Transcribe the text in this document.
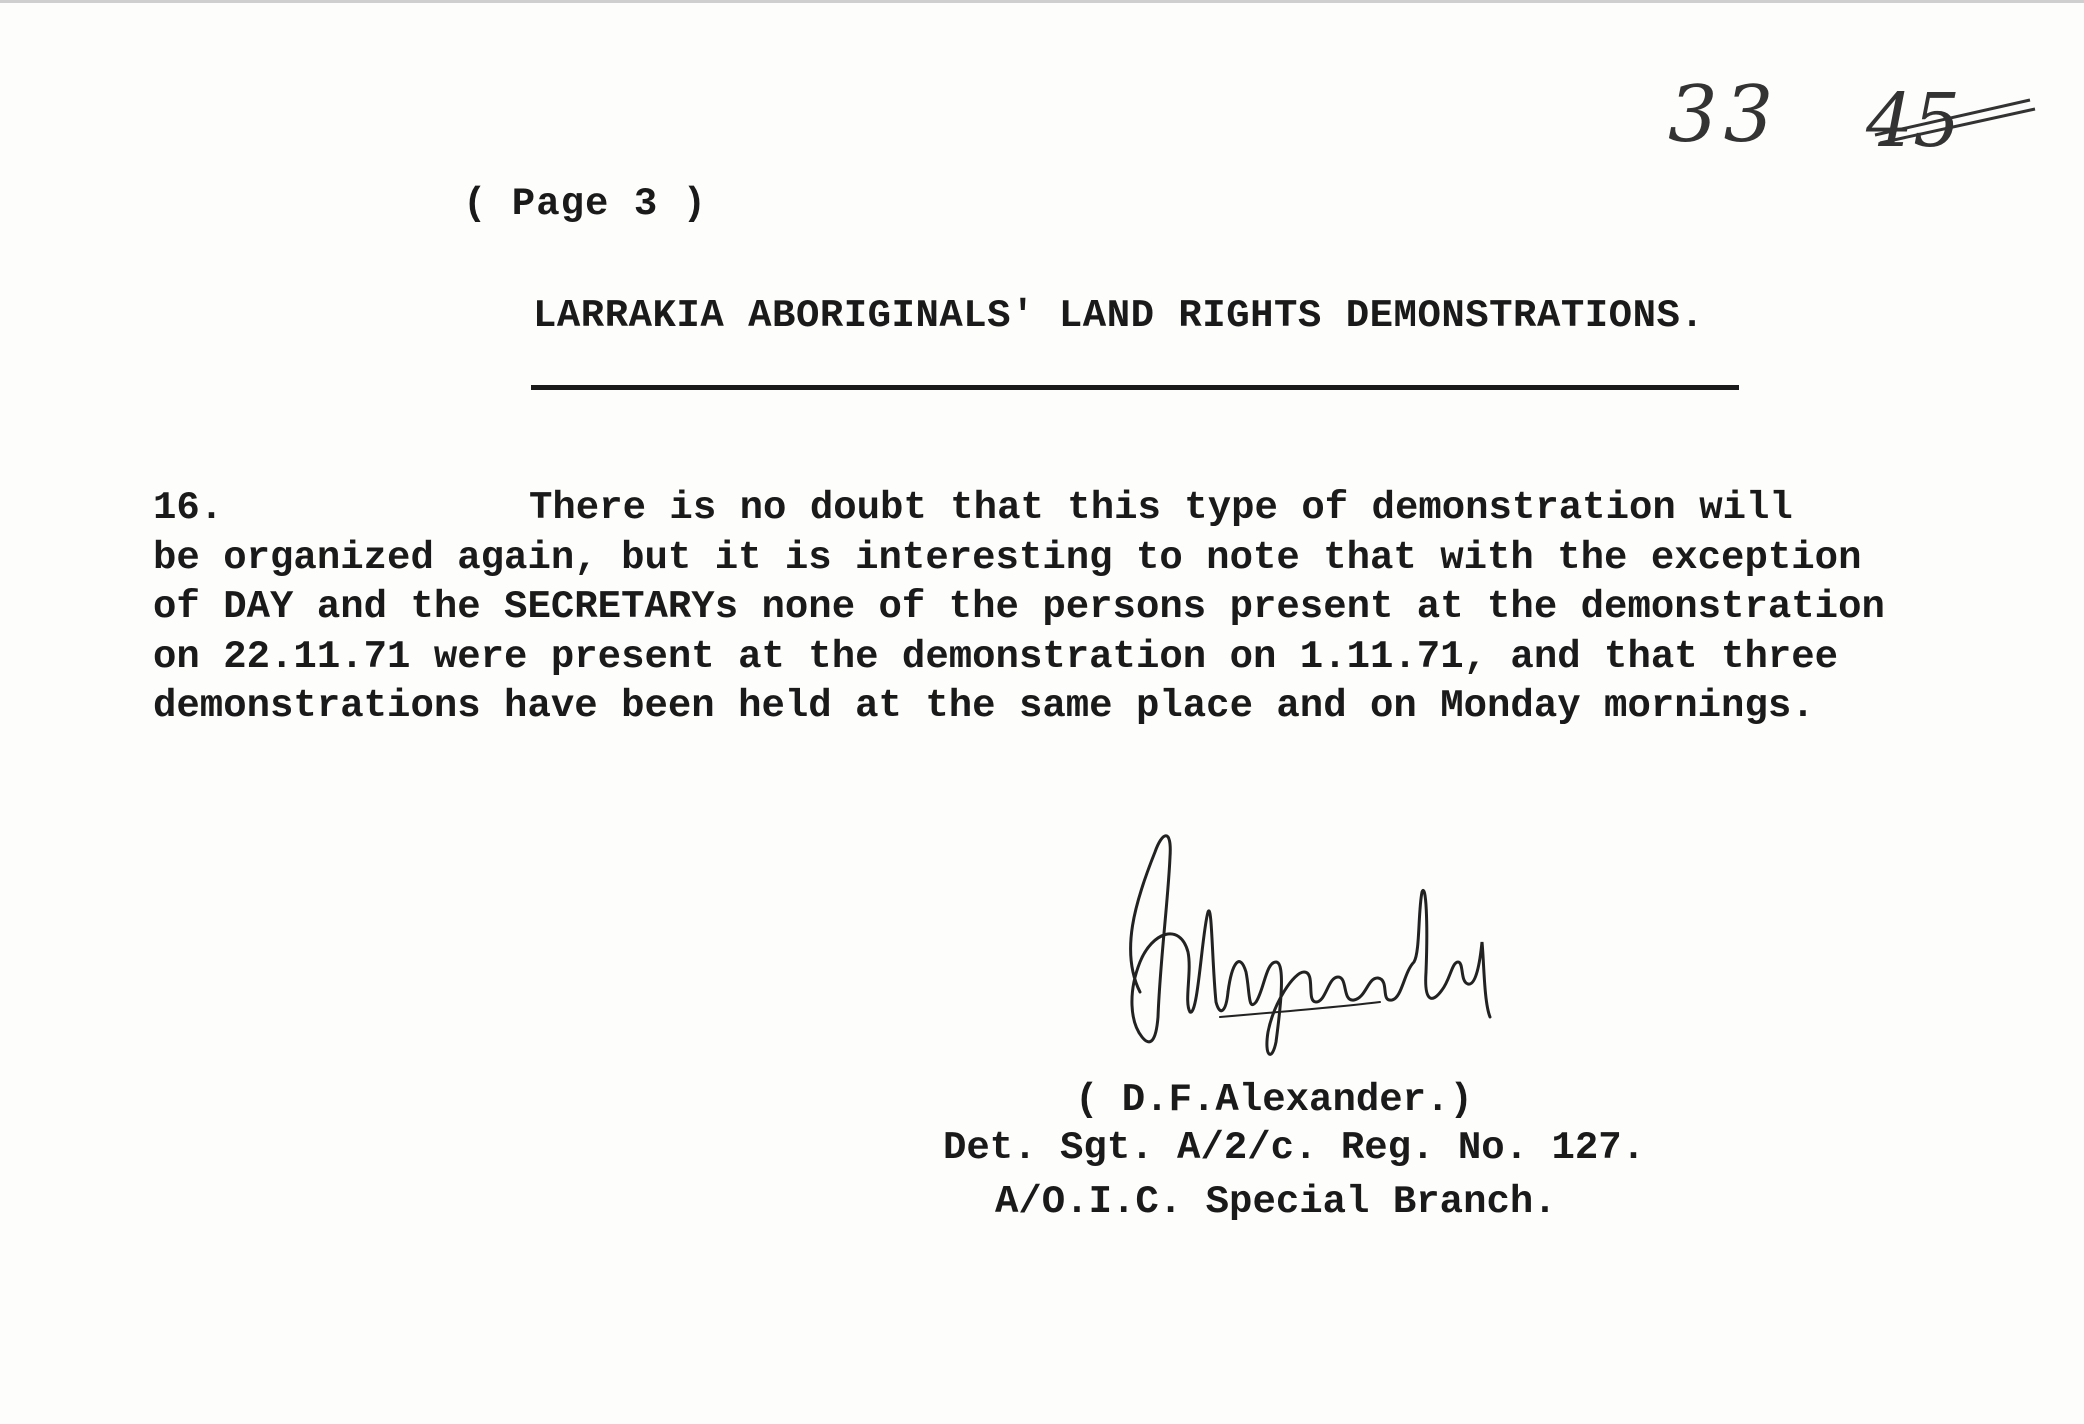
33 45
( Page 3 )
LARRAKIA ABORIGINALS' LAND RIGHTS DEMONSTRATIONS.
16.	There is no doubt that this type of demonstration will
be organized again, but it is interesting to note that with the exception
of DAY and the SECRETARYs none of the persons present at the demonstration
on 22.11.71 were present at the demonstration on 1.11.71, and that three
demonstrations have been held at the same place and on Monday mornings.
( D.F.Alexander.)
Det. Sgt. A/2/c. Reg. No. 127.
A/O.I.C. Special Branch.
